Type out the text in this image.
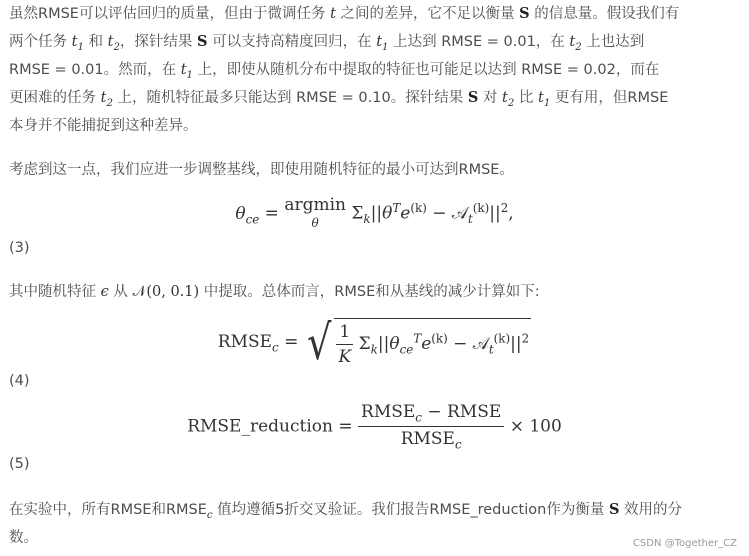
虽然RMSE可以评估回归的质量，但由于微调任务 t 之间的差异，它不足以衡量 S 的信息量。假设我们有
两个任务 $t_1$ 和 $t_2$，探针结果 S 可以支持高精度回归，在 $t_1$ 上达到 RMSE = 0.01，在 $t_2$ 上也达到
RMSE = 0.01。然而，在 $t_1$ 上，即使从随机分布中提取的特征也可能足以达到 RMSE = 0.02，而在
更困难的任务 $t_2$ 上，随机特征最多只能达到 RMSE = 0.10。探针结果 S 对 $t_2$ 比 $t_1$ 更有用，但RMSE
本身并不能捕捉到这种差异。
考虑到这一点，我们应进一步调整基线，即使用随机特征的最小可达到RMSE。
$\theta_{ce} = argmin$
θ	$\Sigma_k||\theta^Te^{(k)}$ − $𝒜_t^{(k)}||^2$,
(3)
其中随机特征 ϵ 从 𝒩(0, 0.1) 中提取。总体而言，RMSE和从基线的减少计算如下:
$RMSE_c$ = √ $\frac{1}{K} \Sigma_k||\theta_{ce}^Te^{(k)}$ − $𝒜_t^{(k)}||^2$
(4)
RMSE_reduction = $\frac{RMSE_c - RMSE}{RMSE_c} \times 100$
(5)
在实验中，所有RMSE和$RMSE_c$ 值均遵循5折交叉验证。我们报告RMSE_reduction作为衡量 S 效用的分
数。	CSDN @Together_CZ
